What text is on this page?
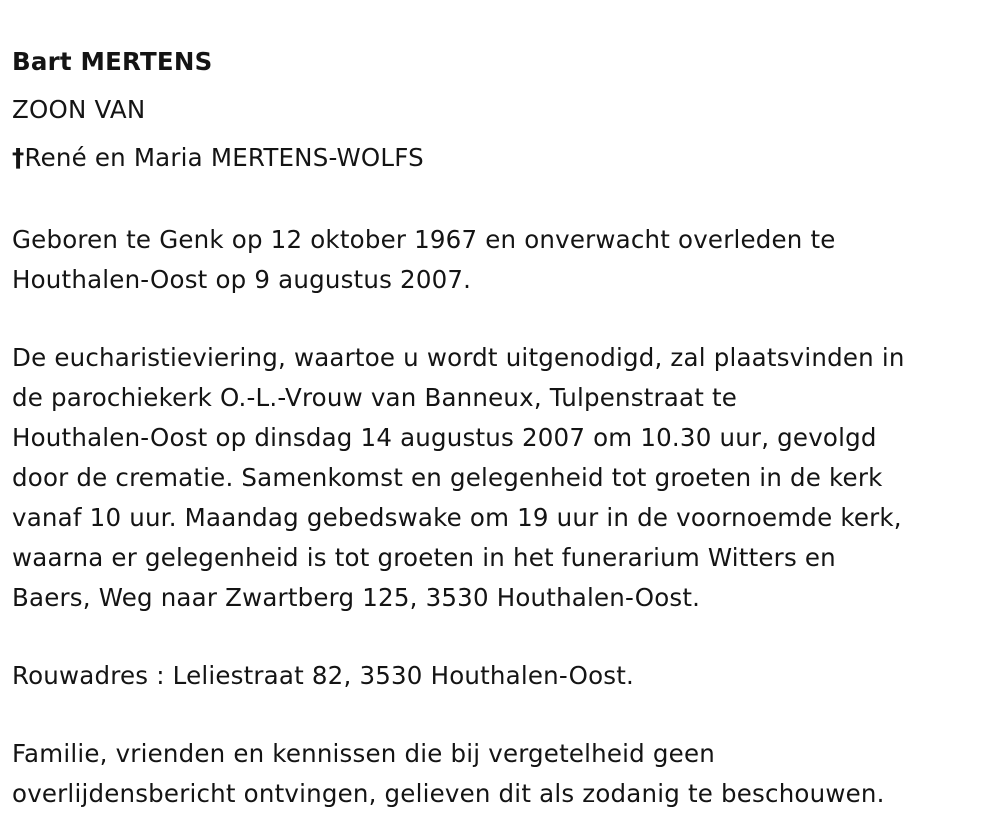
Bart MERTENS
ZOON VAN
†René en Maria MERTENS-WOLFS
Geboren te Genk op 12 oktober 1967 en onverwacht overleden te
Houthalen-Oost op 9 augustus 2007.
De eucharistieviering, waartoe u wordt uitgenodigd, zal plaatsvinden in
de parochiekerk O.-L.-Vrouw van Banneux, Tulpenstraat te
Houthalen-Oost op dinsdag 14 augustus 2007 om 10.30 uur, gevolgd
door de crematie. Samenkomst en gelegenheid tot groeten in de kerk
vanaf 10 uur. Maandag gebedswake om 19 uur in de voornoemde kerk,
waarna er gelegenheid is tot groeten in het funerarium Witters en
Baers, Weg naar Zwartberg 125, 3530 Houthalen-Oost.
Rouwadres : Leliestraat 82, 3530 Houthalen-Oost.
Familie, vrienden en kennissen die bij vergetelheid geen
overlijdensbericht ontvingen, gelieven dit als zodanig te beschouwen.
